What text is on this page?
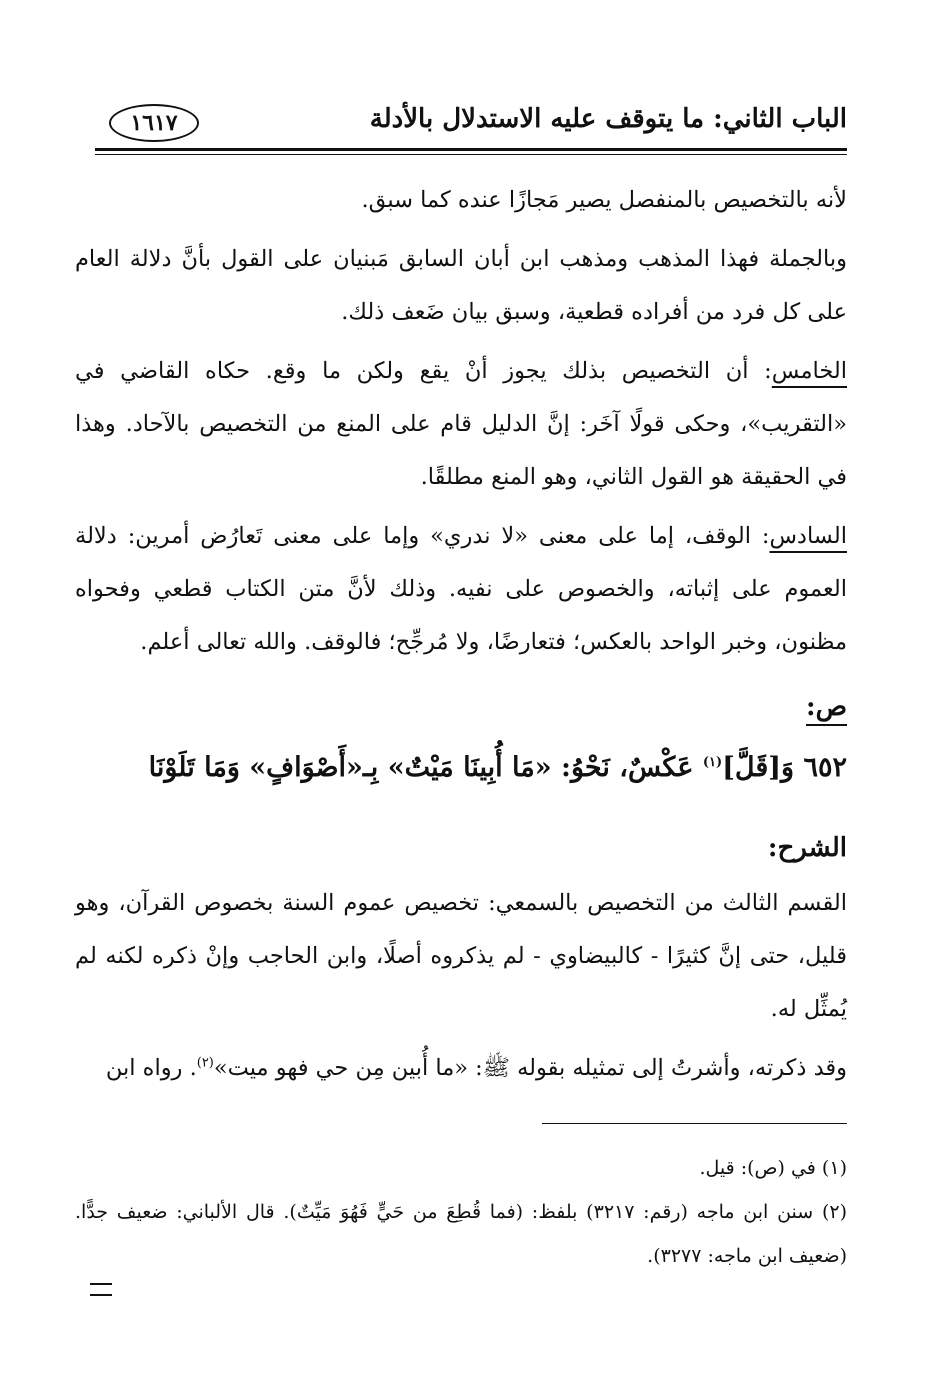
الباب الثاني: ما يتوقف عليه الاستدلال بالأدلة
١٦١٧

لأنه بالتخصيص بالمنفصل يصير مَجازًا عنده كما سبق.

وبالجملة فهذا المذهب ومذهب ابن أبان السابق مَبنيان على القول بأنَّ دلالة العام على كل فرد من أفراده قطعية، وسبق بيان ضَعف ذلك.

الخامس: أن التخصيص بذلك يجوز أنْ يقع ولكن ما وقع. حكاه القاضي في «التقريب»، وحكى قولًا آخَر: إنَّ الدليل قام على المنع من التخصيص بالآحاد. وهذا في الحقيقة هو القول الثاني، وهو المنع مطلقًا.

السادس: الوقف، إما على معنى «لا ندري» وإما على معنى تَعارُض أمرين: دلالة العموم على إثباته، والخصوص على نفيه. وذلك لأنَّ متن الكتاب قطعي وفحواه مظنون، وخبر الواحد بالعكس؛ فتعارضًا، ولا مُرجِّح؛ فالوقف. والله تعالى أعلم.

ص:

٦٥٢ وَ[قَلَّ]$^{(١)}$ عَكْسٌ، نَحْوُ: «مَا أُبِينَا مَيْتٌ» بِـ«أَصْوَافٍ» وَمَا تَلَوْنَا

الشرح:

القسم الثالث من التخصيص بالسمعي: تخصيص عموم السنة بخصوص القرآن، وهو قليل، حتى إنَّ كثيرًا - كالبيضاوي - لم يذكروه أصلًا، وابن الحاجب وإنْ ذكره لكنه لم يُمثِّل له.

وقد ذكرته، وأشرتُ إلى تمثيله بقوله ﷺ: «ما أُبين مِن حي فهو ميت»$^{(٢)}$. رواه ابن

(١) في (ص): قيل.

(٢) سنن ابن ماجه (رقم: ٣٢١٧) بلفظ: (فما قُطِعَ من حَيٍّ فَهُوَ مَيِّتٌ). قال الألباني: ضعيف جدًّا. (ضعيف ابن ماجه: ٣٢٧٧).
